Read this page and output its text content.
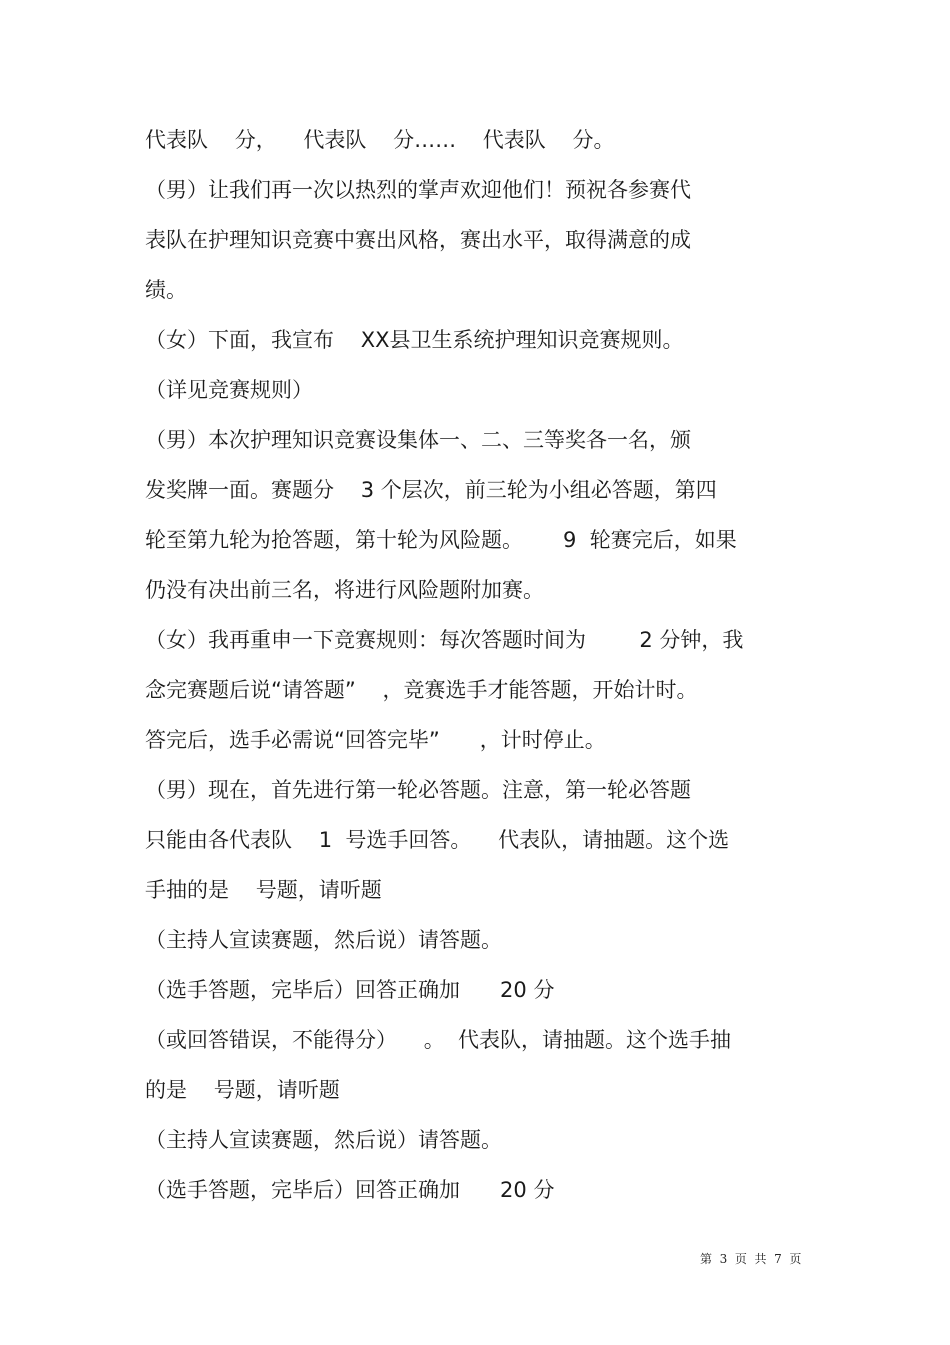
代表队    分，    代表队    分……    代表队    分。
（男）让我们再一次以热烈的掌声欢迎他们！预祝各参赛代
表队在护理知识竞赛中赛出风格，赛出水平，取得满意的成
绩。
（女）下面，我宣布    XX县卫生系统护理知识竞赛规则。
（详见竞赛规则）
（男）本次护理知识竞赛设集体一、二、三等奖各一名，颁
发奖牌一面。赛题分    3 个层次，前三轮为小组必答题，第四
轮至第九轮为抢答题，第十轮为风险题。      9  轮赛完后，如果
仍没有决出前三名，将进行风险题附加赛。
（女）我再重申一下竞赛规则：每次答题时间为        2 分钟，我
念完赛题后说“请答题”    ，竞赛选手才能答题，开始计时。
答完后，选手必需说“回答完毕”      ，计时停止。
（男）现在，首先进行第一轮必答题。注意，第一轮必答题
只能由各代表队    1  号选手回答。    代表队，请抽题。这个选
手抽的是    号题，请听题
（主持人宣读赛题，然后说）请答题。
（选手答题，完毕后）回答正确加      20 分
（或回答错误，不能得分）    。  代表队，请抽题。这个选手抽
的是    号题，请听题
（主持人宣读赛题，然后说）请答题。
（选手答题，完毕后）回答正确加      20 分
第  3  页  共  7  页
